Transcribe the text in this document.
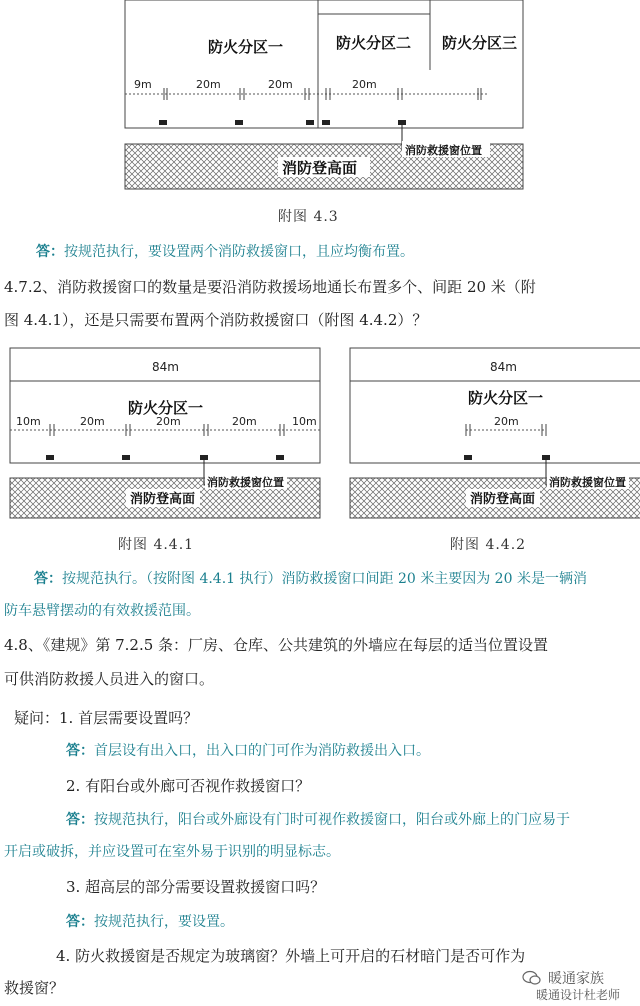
防火分区一	防火分区二 防火分区三
9m	20m	20m	20m
消防救援窗位置
消防登高面
附图 4.3
答：按规范执行，要设置两个消防救援窗口，且应均衡布置。
4.7.2、消防救援窗口的数量是要沿消防救援场地通长布置多个、间距 20 米（附
图 4.4.1），还是只需要布置两个消防救援窗口（附图 4.4.2）？
84m
防火分区一
10m	20m	20m	20m	10m
消防救援窗位置
消防登高面
84m
防火分区一
20m
消防救援窗位置
消防登高面
附图 4.4.1	附图 4.4.2
答：按规范执行。（按附图 4.4.1 执行）消防救援窗口间距 20 米主要因为 20 米是一辆消
防车悬臂摆动的有效救援范围。
4.8、《建规》第 7.2.5 条：厂房、仓库、公共建筑的外墙应在每层的适当位置设置
可供消防救援人员进入的窗口。
疑问：1. 首层需要设置吗？
答：首层设有出入口，出入口的门可作为消防救援出入口。
2. 有阳台或外廊可否视作救援窗口？
答：按规范执行，阳台或外廊设有门时可视作救援窗口，阳台或外廊上的门应易于
开启或破拆，并应设置可在室外易于识别的明显标志。
3. 超高层的部分需要设置救援窗口吗？
答：按规范执行，要设置。
4. 防火救援窗是否规定为玻璃窗？外墙上可开启的石材暗门是否可作为
救援窗？	暖通家族
暖通设计杜老师
